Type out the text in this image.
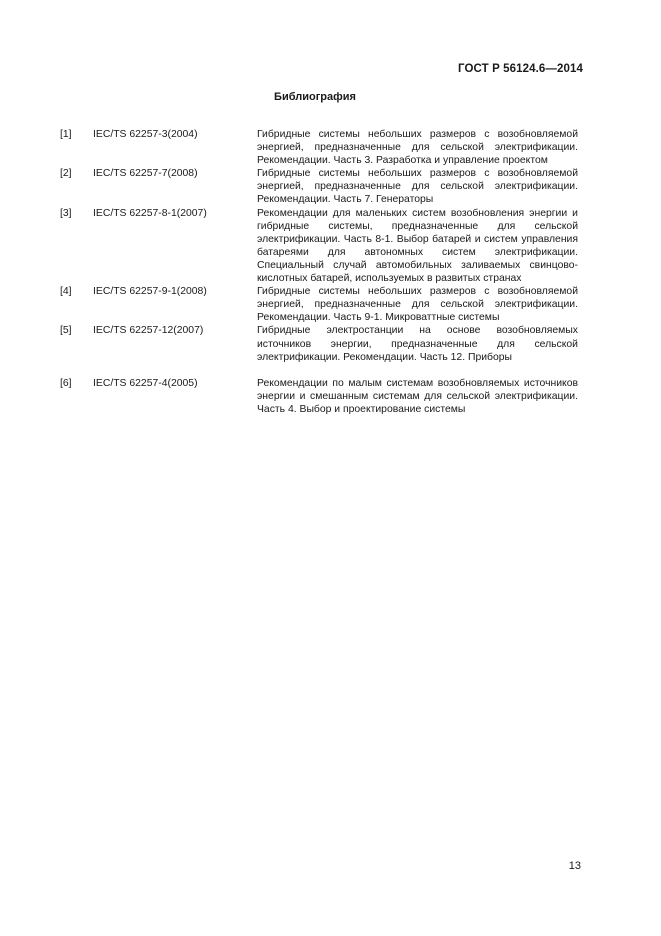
ГОСТ Р 56124.6—2014
Библиография
[1]	IEC/TS 62257-3(2004)	Гибридные системы небольших размеров с возобновляемой энергией, предназначенные для сельской электрификации. Рекомендации. Часть 3. Разработка и управление проектом
[2]	IEC/TS 62257-7(2008)	Гибридные системы небольших размеров с возобновляемой энергией, предназначенные для сельской электрификации. Рекомендации. Часть 7. Генераторы
[3]	IEC/TS 62257-8-1(2007)	Рекомендации для маленьких систем возобновления энергии и гибридные системы, предназначенные для сельской электрификации. Часть 8-1. Выбор батарей и систем управления батареями для автономных систем электрификации. Специальный случай автомобильных заливаемых свинцово-кислотных батарей, используемых в развитых странах
[4]	IEC/TS 62257-9-1(2008)	Гибридные системы небольших размеров с возобновляемой энергией, предназначенные для сельской электрификации. Рекомендации. Часть 9-1. Микроваттные системы
[5]	IEC/TS 62257-12(2007)	Гибридные электростанции на основе возобновляемых источников энергии, предназначенные для сельской электрификации. Рекомендации. Часть 12. Приборы
[6]	IEC/TS 62257-4(2005)	Рекомендации по малым системам возобновляемых источников энергии и смешанным системам для сельской электрификации. Часть 4. Выбор и проектирование системы
13
